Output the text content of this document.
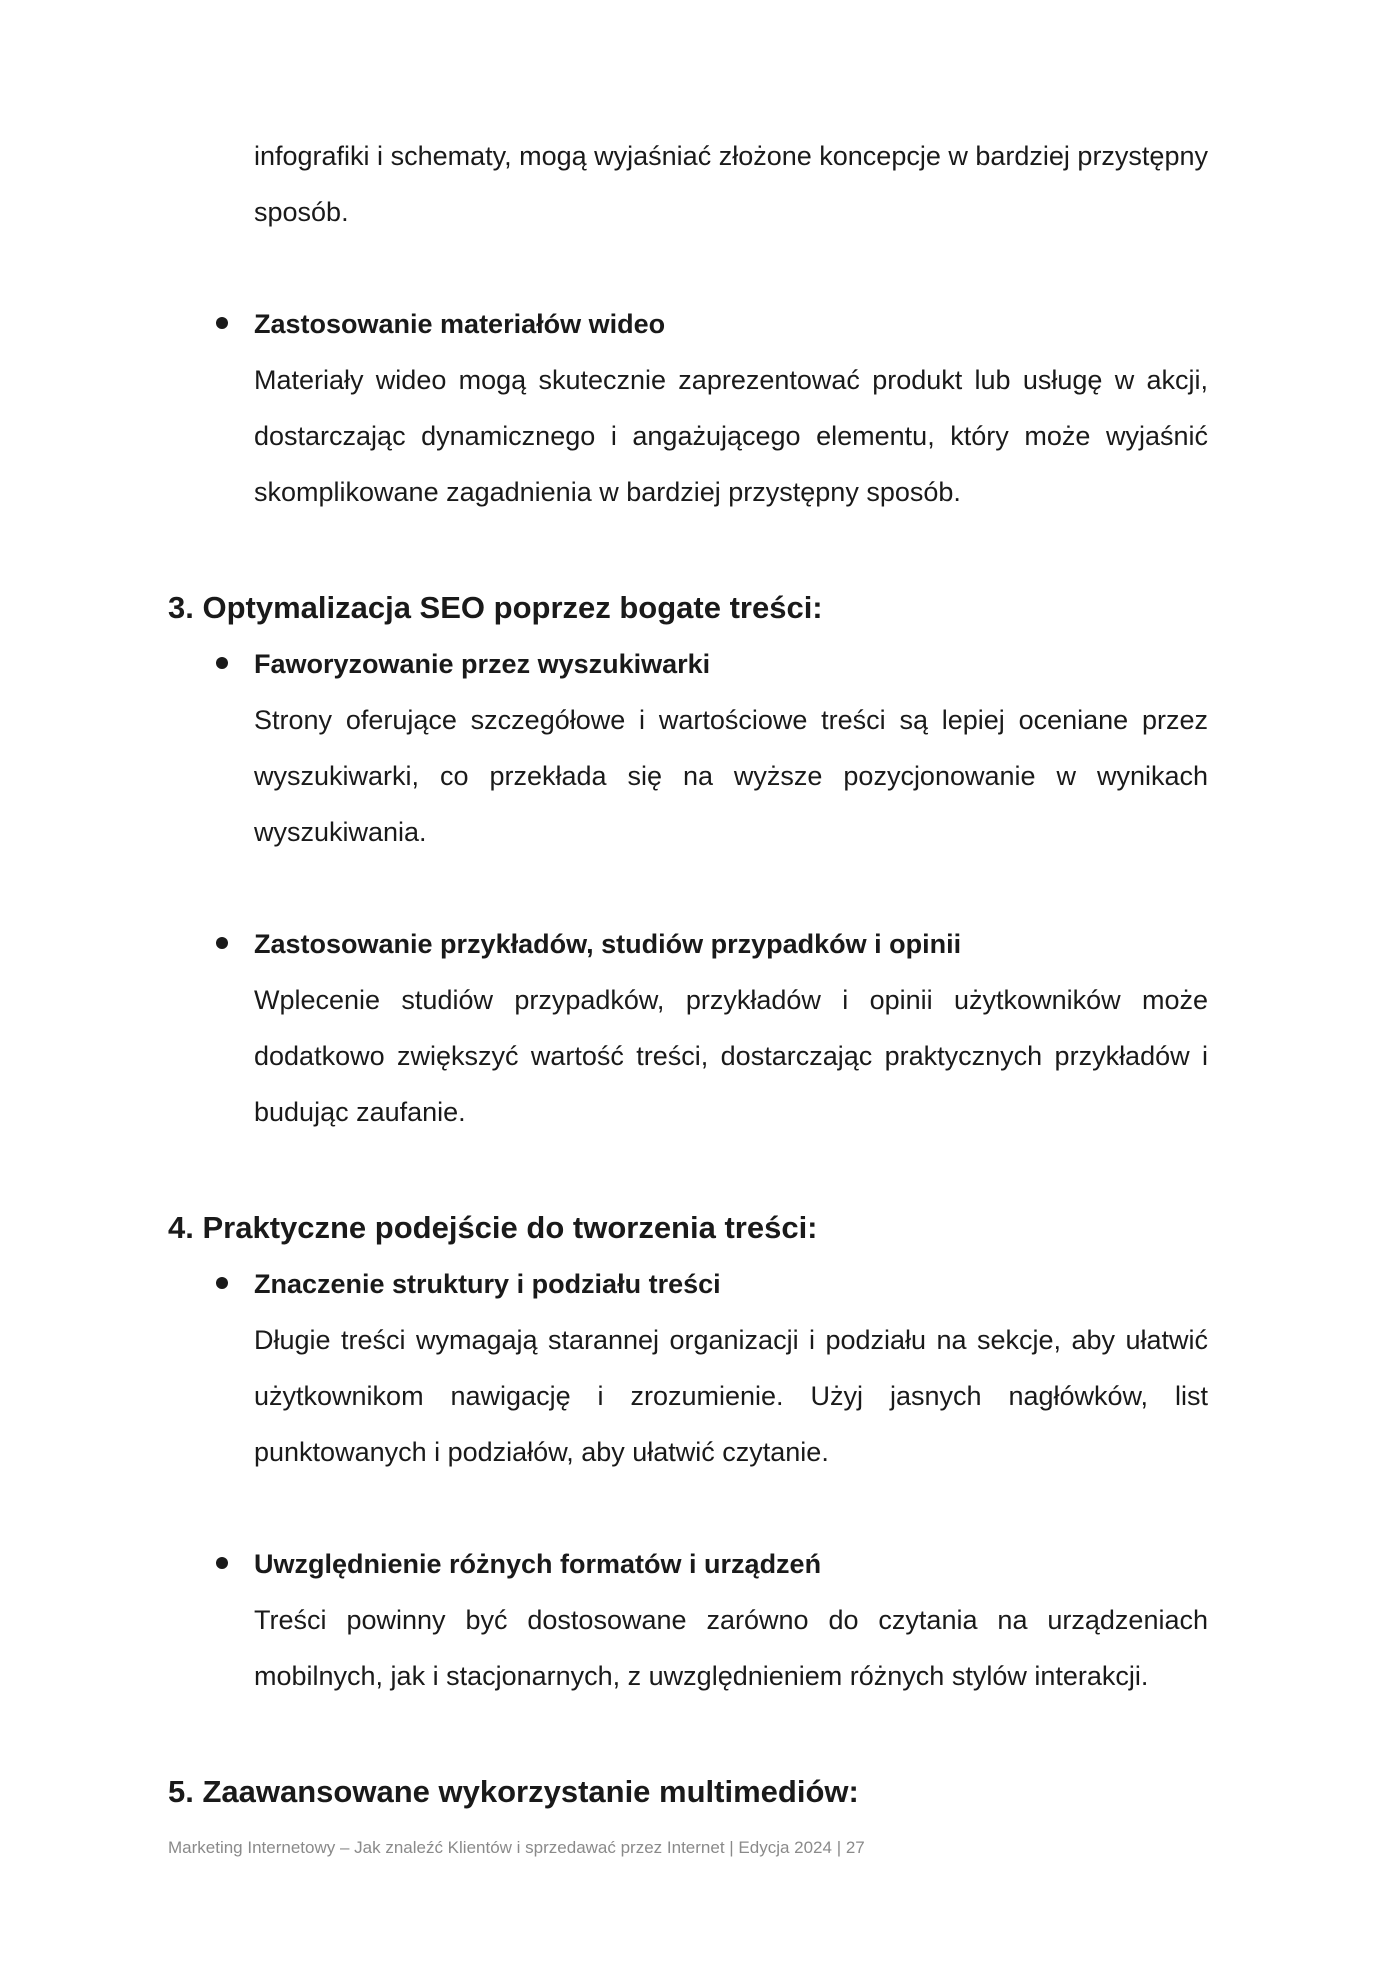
infografiki i schematy, mogą wyjaśniać złożone koncepcje w bardziej przystępny sposób.
Zastosowanie materiałów wideo
Materiały wideo mogą skutecznie zaprezentować produkt lub usługę w akcji, dostarczając dynamicznego i angażującego elementu, który może wyjaśnić skomplikowane zagadnienia w bardziej przystępny sposób.
3. Optymalizacja SEO poprzez bogate treści:
Faworyzowanie przez wyszukiwarki
Strony oferujące szczegółowe i wartościowe treści są lepiej oceniane przez wyszukiwarki, co przekłada się na wyższe pozycjonowanie w wynikach wyszukiwania.
Zastosowanie przykładów, studiów przypadków i opinii
Wplecenie studiów przypadków, przykładów i opinii użytkowników może dodatkowo zwiększyć wartość treści, dostarczając praktycznych przykładów i budując zaufanie.
4. Praktyczne podejście do tworzenia treści:
Znaczenie struktury i podziału treści
Długie treści wymagają starannej organizacji i podziału na sekcje, aby ułatwić użytkownikom nawigację i zrozumienie. Użyj jasnych nagłówków, list punktowanych i podziałów, aby ułatwić czytanie.
Uwzględnienie różnych formatów i urządzeń
Treści powinny być dostosowane zarówno do czytania na urządzeniach mobilnych, jak i stacjonarnych, z uwzględnieniem różnych stylów interakcji.
5. Zaawansowane wykorzystanie multimediów:
Marketing Internetowy – Jak znaleźć Klientów i sprzedawać przez Internet | Edycja 2024 | 27
